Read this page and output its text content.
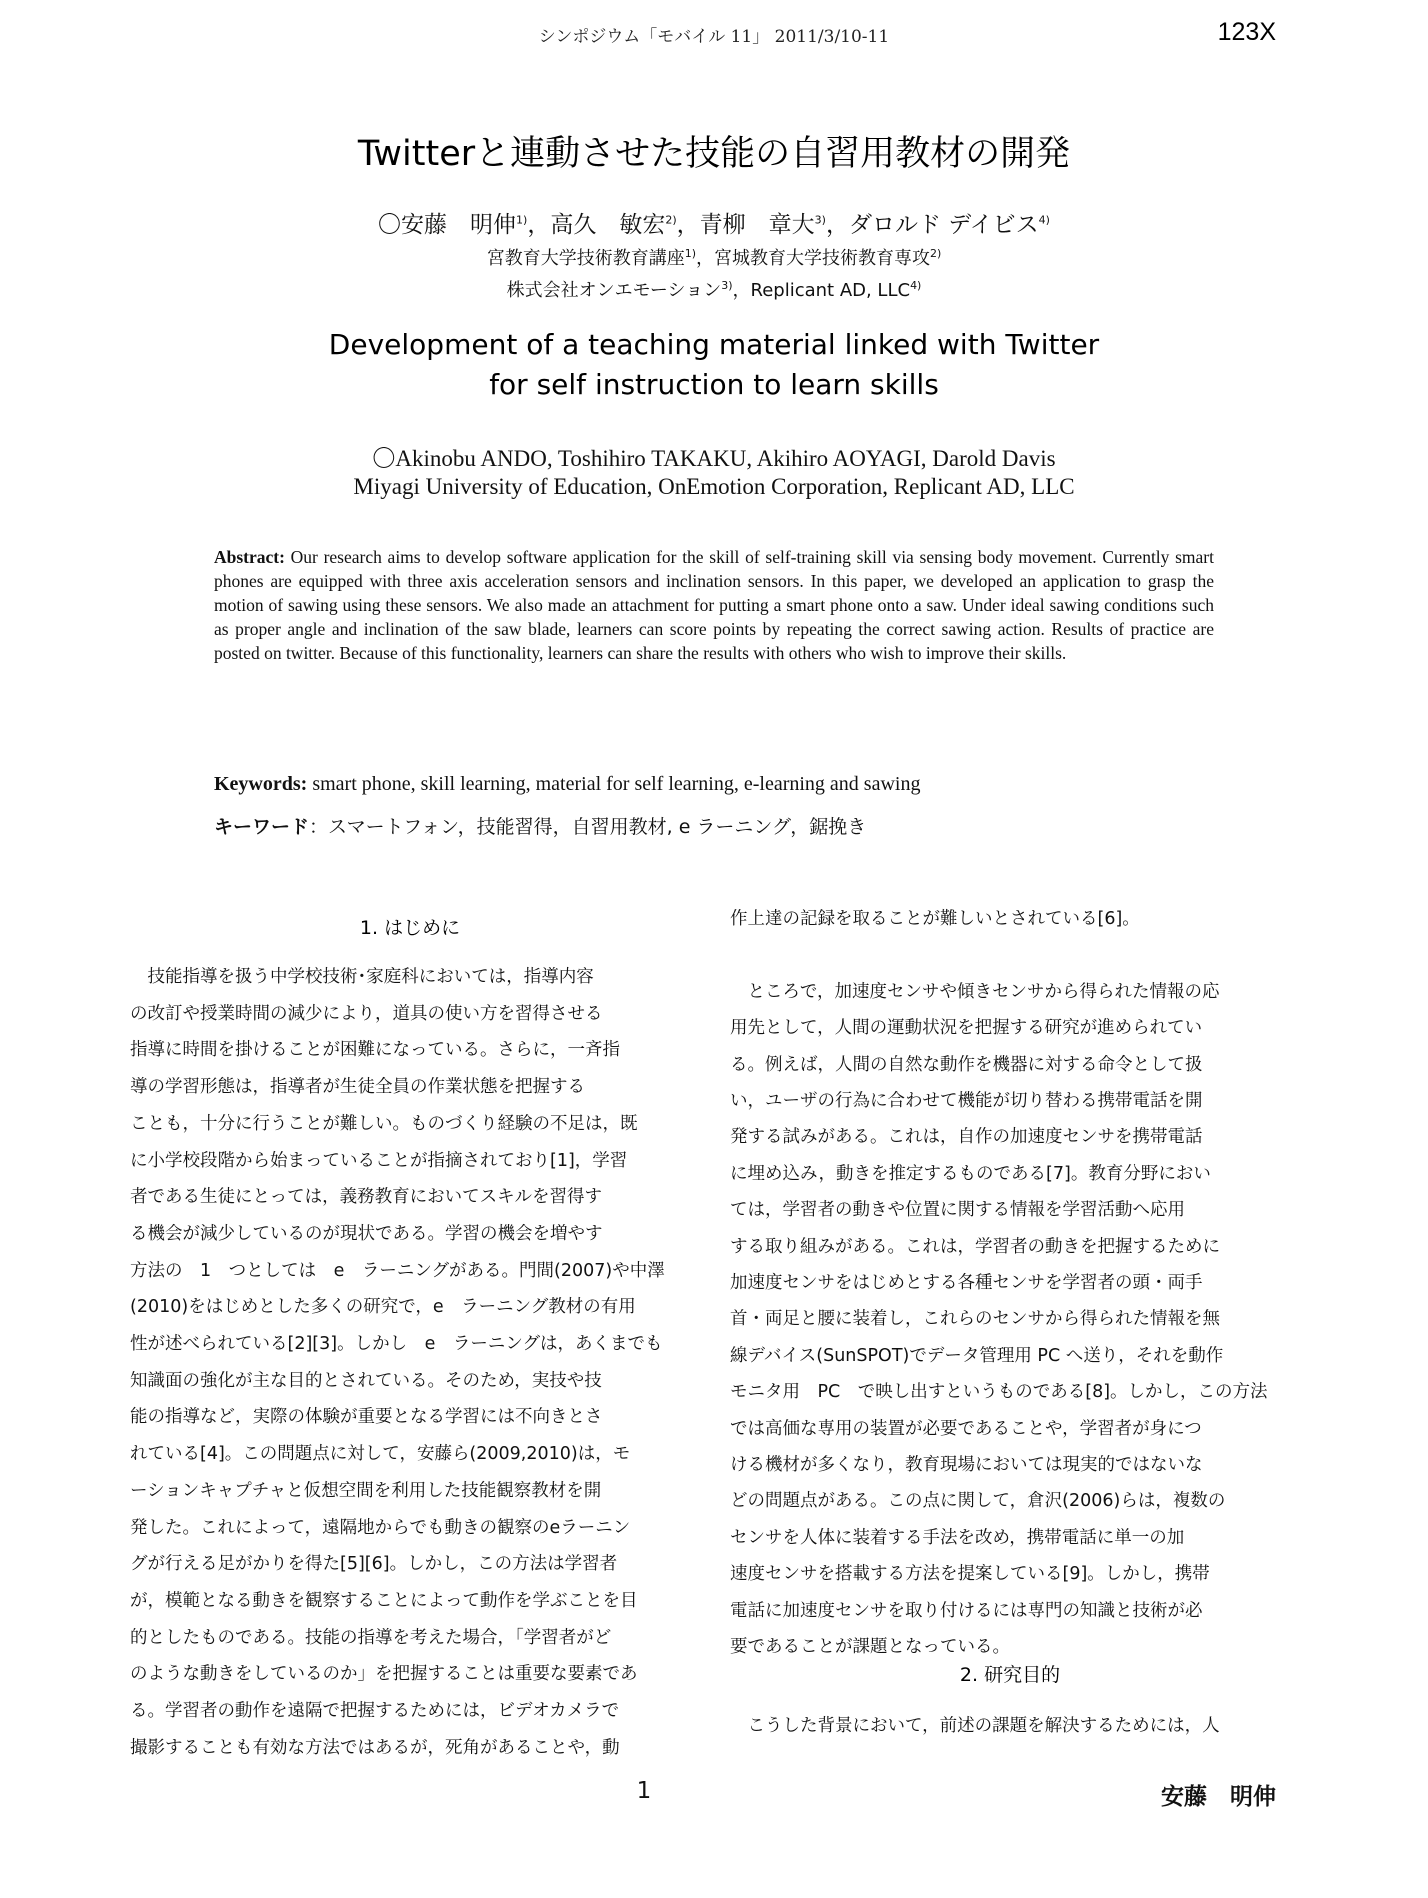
シンポジウム「モバイル 11」 2011/3/10-11	123X
Twitterと連動させた技能の自習用教材の開発
〇安藤　明伸$^{1)}$，高久　敏宏$^{2)}$，青柳　章大$^{3)}$，ダロルド デイビス$^{4)}$
宮教育大学技術教育講座$^{1)}$，宮城教育大学技術教育専攻$^{2)}$
株式会社オンエモーション$^{3)}$，Replicant AD, LLC$^{4)}$
Development of a teaching material linked with Twitter
for self instruction to learn skills
〇Akinobu ANDO, Toshihiro TAKAKU, Akihiro AOYAGI, Darold Davis
Miyagi University of Education, OnEmotion Corporation, Replicant AD, LLC
Abstract: Our research aims to develop software application for the skill of self-training skill via sensing body movement. Currently smart phones are equipped with three axis acceleration sensors and inclination sensors. In this paper, we developed an application to grasp the motion of sawing using these sensors. We also made an attachment for putting a smart phone onto a saw. Under ideal sawing conditions such as proper angle and inclination of the saw blade, learners can score points by repeating the correct sawing action. Results of practice are posted on twitter. Because of this functionality, learners can share the results with others who wish to improve their skills.
Keywords: smart phone, skill learning, material for self learning, e-learning and sawing
キーワード：スマートフォン，技能習得，自習用教材, e ラーニング，鋸挽き
1. はじめに
　技能指導を扱う中学校技術･家庭科においては，指導内容
の改訂や授業時間の減少により，道具の使い方を習得させる
指導に時間を掛けることが困難になっている。さらに，一斉指
導の学習形態は，指導者が生徒全員の作業状態を把握する
ことも，十分に行うことが難しい。ものづくり経験の不足は，既
に小学校段階から始まっていることが指摘されており[1]，学習
者である生徒にとっては，義務教育においてスキルを習得す
る機会が減少しているのが現状である。学習の機会を増やす
方法の　1　つとしては　e　ラーニングがある。門間(2007)や中澤
(2010)をはじめとした多くの研究で，e　ラーニング教材の有用
性が述べられている[2][3]。しかし　e　ラーニングは，あくまでも
知識面の強化が主な目的とされている。そのため，実技や技
能の指導など，実際の体験が重要となる学習には不向きとさ
れている[4]。この問題点に対して，安藤ら(2009,2010)は，モ
ーションキャプチャと仮想空間を利用した技能観察教材を開
発した。これによって，遠隔地からでも動きの観察のeラーニン
グが行える足がかりを得た[5][6]。しかし，この方法は学習者
が，模範となる動きを観察することによって動作を学ぶことを目
的としたものである。技能の指導を考えた場合，「学習者がど
のような動きをしているのか」を把握することは重要な要素であ
る。学習者の動作を遠隔で把握するためには，ビデオカメラで
撮影することも有効な方法ではあるが，死角があることや，動
作上達の記録を取ることが難しいとされている[6]。
　ところで，加速度センサや傾きセンサから得られた情報の応
用先として，人間の運動状況を把握する研究が進められてい
る。例えば，人間の自然な動作を機器に対する命令として扱
い，ユーザの行為に合わせて機能が切り替わる携帯電話を開
発する試みがある。これは，自作の加速度センサを携帯電話
に埋め込み，動きを推定するものである[7]。教育分野におい
ては，学習者の動きや位置に関する情報を学習活動へ応用
する取り組みがある。これは，学習者の動きを把握するために
加速度センサをはじめとする各種センサを学習者の頭・両手
首・両足と腰に装着し，これらのセンサから得られた情報を無
線デバイス(SunSPOT)でデータ管理用 PC へ送り，それを動作
モニタ用　PC　で映し出すというものである[8]。しかし，この方法
では高価な専用の装置が必要であることや，学習者が身につ
ける機材が多くなり，教育現場においては現実的ではないな
どの問題点がある。この点に関して，倉沢(2006)らは，複数の
センサを人体に装着する手法を改め，携帯電話に単一の加
速度センサを搭載する方法を提案している[9]。しかし，携帯
電話に加速度センサを取り付けるには専門の知識と技術が必
要であることが課題となっている。
2. 研究目的
　こうした背景において，前述の課題を解決するためには，人
1	安藤　明伸
